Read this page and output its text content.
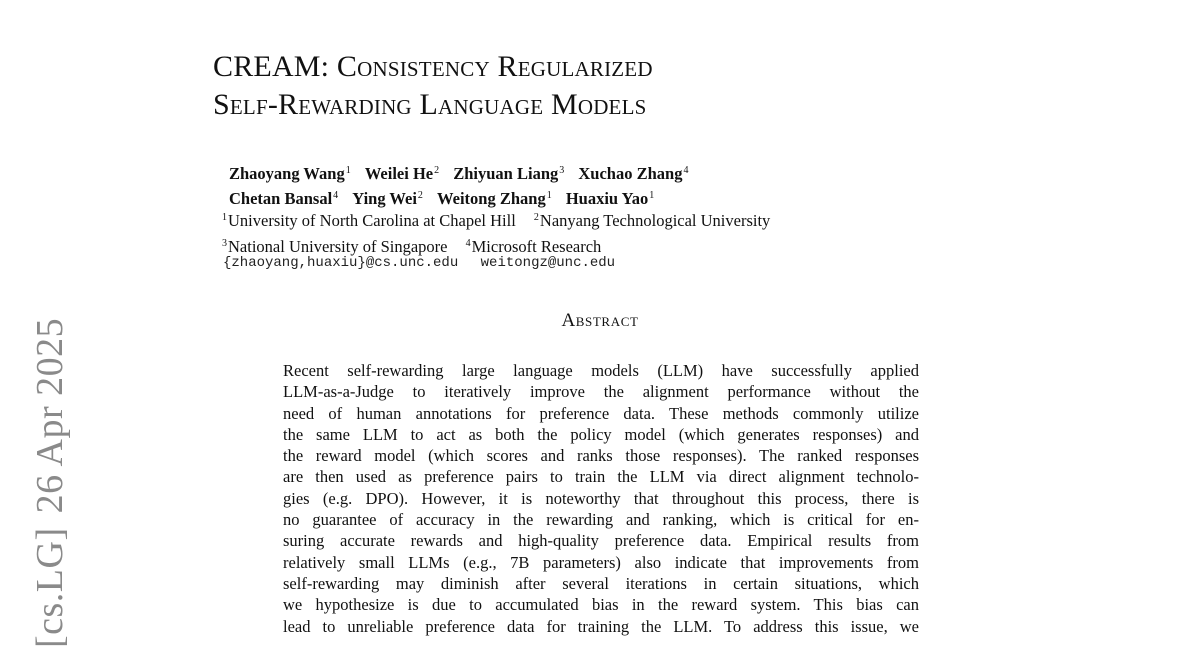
[cs.LG]26 Apr 2025
CREAM: Consistency Regularized
Self-Rewarding Language Models
Zhaoyang Wang$^1$ Weilei He$^2$ Zhiyuan Liang$^3$ Xuchao Zhang$^4$
Chetan Bansal$^4$ Ying Wei$^2$ Weitong Zhang$^1$ Huaxiu Yao$^1$
$^1$University of North Carolina at Chapel Hill $^2$Nanyang Technological University
$^3$National University of Singapore $^4$Microsoft Research
{zhaoyang,huaxiu}@cs.unc.edu weitongz@unc.edu
Abstract
Recent self-rewarding large language models (LLM) have successfully applied
LLM-as-a-Judge to iteratively improve the alignment performance without the
need of human annotations for preference data. These methods commonly utilize
the same LLM to act as both the policy model (which generates responses) and
the reward model (which scores and ranks those responses). The ranked responses
are then used as preference pairs to train the LLM via direct alignment technolo-
gies (e.g. DPO). However, it is noteworthy that throughout this process, there is
no guarantee of accuracy in the rewarding and ranking, which is critical for en-
suring accurate rewards and high-quality preference data. Empirical results from
relatively small LLMs (e.g., 7B parameters) also indicate that improvements from
self-rewarding may diminish after several iterations in certain situations, which
we hypothesize is due to accumulated bias in the reward system. This bias can
lead to unreliable preference data for training the LLM. To address this issue, we
